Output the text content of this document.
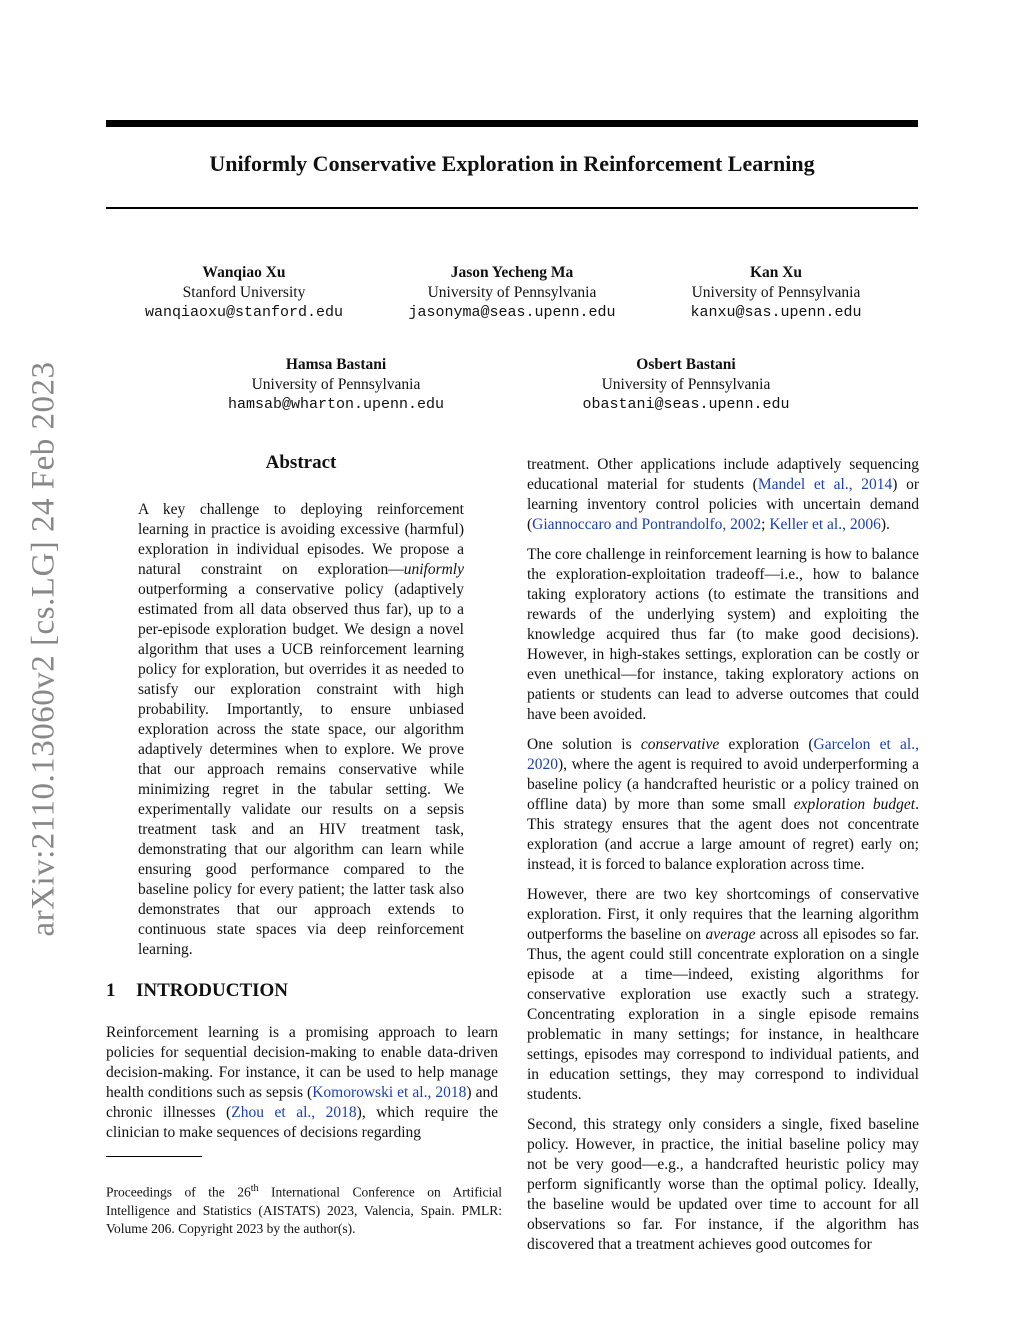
Uniformly Conservative Exploration in Reinforcement Learning
Wanqiao Xu
Stanford University
wanqiaoxu@stanford.edu
Jason Yecheng Ma
University of Pennsylvania
jasonyma@seas.upenn.edu
Kan Xu
University of Pennsylvania
kanxu@sas.upenn.edu
Hamsa Bastani
University of Pennsylvania
hamsab@wharton.upenn.edu
Osbert Bastani
University of Pennsylvania
obastani@seas.upenn.edu
arXiv:2110.13060v2 [cs.LG] 24 Feb 2023	Abstract
A key challenge to deploying reinforcement learning in practice is avoiding excessive (harmful) exploration in individual episodes. We propose a natural constraint on exploration—uniformly outperforming a conservative policy (adaptively estimated from all data observed thus far), up to a per-episode exploration budget. We design a novel algorithm that uses a UCB reinforcement learning policy for exploration, but overrides it as needed to satisfy our exploration constraint with high probability. Importantly, to ensure unbiased exploration across the state space, our algorithm adaptively determines when to explore. We prove that our approach remains conservative while minimizing regret in the tabular setting. We experimentally validate our results on a sepsis treatment task and an HIV treatment task, demonstrating that our algorithm can learn while ensuring good performance compared to the baseline policy for every patient; the latter task also demonstrates that our approach extends to continuous state spaces via deep reinforcement learning.
1 INTRODUCTION
Reinforcement learning is a promising approach to learn policies for sequential decision-making to enable data-driven decision-making. For instance, it can be used to help manage health conditions such as sepsis (Komorowski et al., 2018) and chronic illnesses (Zhou et al., 2018), which require the clinician to make sequences of decisions regarding
Proceedings of the 26th International Conference on Artificial Intelligence and Statistics (AISTATS) 2023, Valencia, Spain. PMLR: Volume 206. Copyright 2023 by the author(s).

treatment. Other applications include adaptively sequencing educational material for students (Mandel et al., 2014) or learning inventory control policies with uncertain demand (Giannoccaro and Pontrandolfo, 2002; Keller et al., 2006).

The core challenge in reinforcement learning is how to balance the exploration-exploitation tradeoff—i.e., how to balance taking exploratory actions (to estimate the transitions and rewards of the underlying system) and exploiting the knowledge acquired thus far (to make good decisions). However, in high-stakes settings, exploration can be costly or even unethical—for instance, taking exploratory actions on patients or students can lead to adverse outcomes that could have been avoided.

One solution is conservative exploration (Garcelon et al., 2020), where the agent is required to avoid underperforming a baseline policy (a handcrafted heuristic or a policy trained on offline data) by more than some small exploration budget. This strategy ensures that the agent does not concentrate exploration (and accrue a large amount of regret) early on; instead, it is forced to balance exploration across time.

However, there are two key shortcomings of conservative exploration. First, it only requires that the learning algorithm outperforms the baseline on average across all episodes so far. Thus, the agent could still concentrate exploration on a single episode at a time—indeed, existing algorithms for conservative exploration use exactly such a strategy. Concentrating exploration in a single episode remains problematic in many settings; for instance, in healthcare settings, episodes may correspond to individual patients, and in education settings, they may correspond to individual students.

Second, this strategy only considers a single, fixed baseline policy. However, in practice, the initial baseline policy may not be very good—e.g., a handcrafted heuristic policy may perform significantly worse than the optimal policy. Ideally, the baseline would be updated over time to account for all observations so far. For instance, if the algorithm has discovered that a treatment achieves good outcomes for
